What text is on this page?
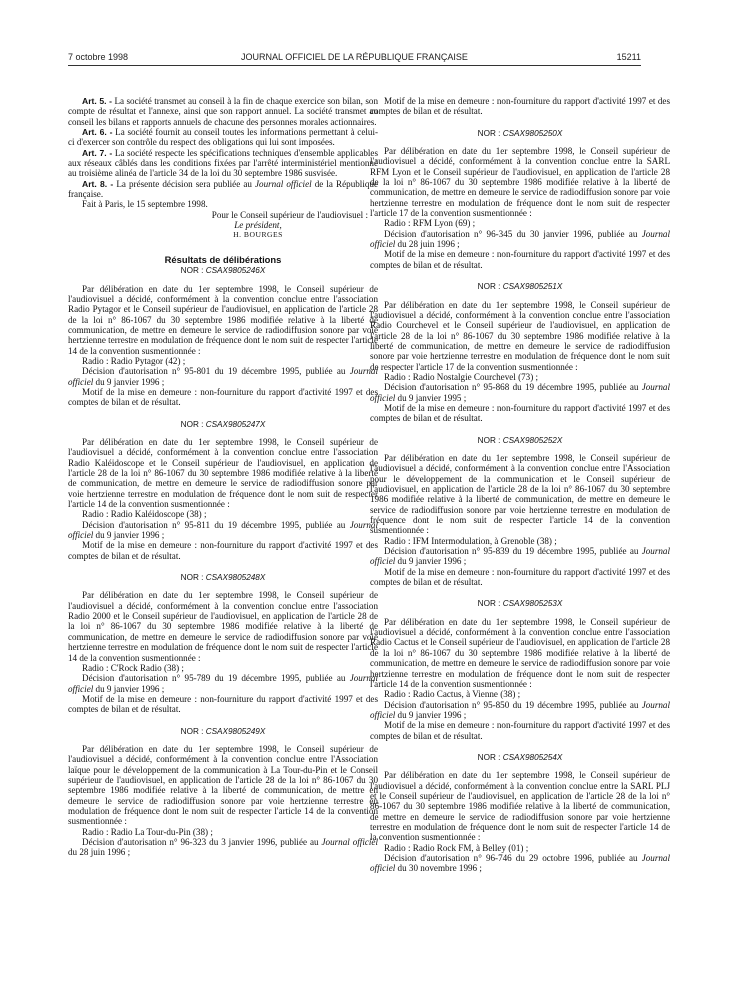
7 octobre 1998	JOURNAL OFFICIEL DE LA RÉPUBLIQUE FRANÇAISE	15211

Art. 5. - La société transmet au conseil à la fin de chaque exercice son bilan, son compte de résultat et l'annexe, ainsi que son rapport annuel. La société transmet au conseil les bilans et rapports annuels de chacune des personnes morales actionnaires.

Art. 6. - La société fournit au conseil toutes les informations permettant à celui-ci d'exercer son contrôle du respect des obligations qui lui sont imposées.

Art. 7. - La société respecte les spécifications techniques d'ensemble applicables aux réseaux câblés dans les conditions fixées par l'arrêté interministériel mentionné au troisième alinéa de l'article 34 de la loi du 30 septembre 1986 susvisée.

Art. 8. - La présente décision sera publiée au Journal officiel de la République française.

Fait à Paris, le 15 septembre 1998.

Pour le Conseil supérieur de l'audiovisuel :

Le président,

H. BOURGES

Résultats de délibérations
NOR : CSAX9805246X

Par délibération en date du 1er septembre 1998, le Conseil supérieur de l'audiovisuel a décidé, conformément à la convention conclue entre l'association Radio Pytagor et le Conseil supérieur de l'audiovisuel, en application de l'article 28 de la loi n° 86-1067 du 30 septembre 1986 modifiée relative à la liberté de communication, de mettre en demeure le service de radiodiffusion sonore par voie hertzienne terrestre en modulation de fréquence dont le nom suit de respecter l'article 14 de la convention susmentionnée :

Radio : Radio Pytagor (42) ;

Décision d'autorisation n° 95-801 du 19 décembre 1995, publiée au Journal officiel du 9 janvier 1996 ;

Motif de la mise en demeure : non-fourniture du rapport d'activité 1997 et des comptes de bilan et de résultat.

NOR : CSAX9805247X

Par délibération en date du 1er septembre 1998, le Conseil supérieur de l'audiovisuel a décidé, conformément à la convention conclue entre l'association Radio Kaléidoscope et le Conseil supérieur de l'audiovisuel, en application de l'article 28 de la loi n° 86-1067 du 30 septembre 1986 modifiée relative à la liberté de communication, de mettre en demeure le service de radiodiffusion sonore par voie hertzienne terrestre en modulation de fréquence dont le nom suit de respecter l'article 14 de la convention susmentionnée :

Radio : Radio Kaléidoscope (38) ;

Décision d'autorisation n° 95-811 du 19 décembre 1995, publiée au Journal officiel du 9 janvier 1996 ;

Motif de la mise en demeure : non-fourniture du rapport d'activité 1997 et des comptes de bilan et de résultat.

NOR : CSAX9805248X

Par délibération en date du 1er septembre 1998, le Conseil supérieur de l'audiovisuel a décidé, conformément à la convention conclue entre l'association Radio 2000 et le Conseil supérieur de l'audiovisuel, en application de l'article 28 de la loi n° 86-1067 du 30 septembre 1986 modifiée relative à la liberté de communication, de mettre en demeure le service de radiodiffusion sonore par voie hertzienne terrestre en modulation de fréquence dont le nom suit de respecter l'article 14 de la convention susmentionnée :

Radio : C'Rock Radio (38) ;

Décision d'autorisation n° 95-789 du 19 décembre 1995, publiée au Journal officiel du 9 janvier 1996 ;

Motif de la mise en demeure : non-fourniture du rapport d'activité 1997 et des comptes de bilan et de résultat.

NOR : CSAX9805249X

Par délibération en date du 1er septembre 1998, le Conseil supérieur de l'audiovisuel a décidé, conformément à la convention conclue entre l'Association laïque pour le développement de la communication à La Tour-du-Pin et le Conseil supérieur de l'audiovisuel, en application de l'article 28 de la loi n° 86-1067 du 30 septembre 1986 modifiée relative à la liberté de communication, de mettre en demeure le service de radiodiffusion sonore par voie hertzienne terrestre en modulation de fréquence dont le nom suit de respecter l'article 14 de la convention susmentionnée :

Radio : Radio La Tour-du-Pin (38) ;

Décision d'autorisation n° 96-323 du 3 janvier 1996, publiée au Journal officiel du 28 juin 1996 ;

Motif de la mise en demeure : non-fourniture du rapport d'activité 1997 et des comptes de bilan et de résultat.

NOR : CSAX9805250X

Par délibération en date du 1er septembre 1998, le Conseil supérieur de l'audiovisuel a décidé, conformément à la convention conclue entre la SARL RFM Lyon et le Conseil supérieur de l'audiovisuel, en application de l'article 28 de la loi n° 86-1067 du 30 septembre 1986 modifiée relative à la liberté de communication, de mettre en demeure le service de radiodiffusion sonore par voie hertzienne terrestre en modulation de fréquence dont le nom suit de respecter l'article 17 de la convention susmentionnée :

Radio : RFM Lyon (69) ;

Décision d'autorisation n° 96-345 du 30 janvier 1996, publiée au Journal officiel du 28 juin 1996 ;

Motif de la mise en demeure : non-fourniture du rapport d'activité 1997 et des comptes de bilan et de résultat.

NOR : CSAX9805251X

Par délibération en date du 1er septembre 1998, le Conseil supérieur de l'audiovisuel a décidé, conformément à la convention conclue entre l'association Radio Courchevel et le Conseil supérieur de l'audiovisuel, en application de l'article 28 de la loi n° 86-1067 du 30 septembre 1986 modifiée relative à la liberté de communication, de mettre en demeure le service de radiodiffusion sonore par voie hertzienne terrestre en modulation de fréquence dont le nom suit de respecter l'article 17 de la convention susmentionnée :

Radio : Radio Nostalgie Courchevel (73) ;

Décision d'autorisation n° 95-868 du 19 décembre 1995, publiée au Journal officiel du 9 janvier 1995 ;

Motif de la mise en demeure : non-fourniture du rapport d'activité 1997 et des comptes de bilan et de résultat.

NOR : CSAX9805252X

Par délibération en date du 1er septembre 1998, le Conseil supérieur de l'audiovisuel a décidé, conformément à la convention conclue entre l'Association pour le développement de la communication et le Conseil supérieur de l'audiovisuel, en application de l'article 28 de la loi n° 86-1067 du 30 septembre 1986 modifiée relative à la liberté de communication, de mettre en demeure le service de radiodiffusion sonore par voie hertzienne terrestre en modulation de fréquence dont le nom suit de respecter l'article 14 de la convention susmentionnée :

Radio : IFM Intermodulation, à Grenoble (38) ;

Décision d'autorisation n° 95-839 du 19 décembre 1995, publiée au Journal officiel du 9 janvier 1996 ;

Motif de la mise en demeure : non-fourniture du rapport d'activité 1997 et des comptes de bilan et de résultat.

NOR : CSAX9805253X

Par délibération en date du 1er septembre 1998, le Conseil supérieur de l'audiovisuel a décidé, conformément à la convention conclue entre l'association Radio Cactus et le Conseil supérieur de l'audiovisuel, en application de l'article 28 de la loi n° 86-1067 du 30 septembre 1986 modifiée relative à la liberté de communication, de mettre en demeure le service de radiodiffusion sonore par voie hertzienne terrestre en modulation de fréquence dont le nom suit de respecter l'article 14 de la convention susmentionnée :

Radio : Radio Cactus, à Vienne (38) ;

Décision d'autorisation n° 95-850 du 19 décembre 1995, publiée au Journal officiel du 9 janvier 1996 ;

Motif de la mise en demeure : non-fourniture du rapport d'activité 1997 et des comptes de bilan et de résultat.

NOR : CSAX9805254X

Par délibération en date du 1er septembre 1998, le Conseil supérieur de l'audiovisuel a décidé, conformément à la convention conclue entre la SARL PLJ et le Conseil supérieur de l'audiovisuel, en application de l'article 28 de la loi n° 86-1067 du 30 septembre 1986 modifiée relative à la liberté de communication, de mettre en demeure le service de radiodiffusion sonore par voie hertzienne terrestre en modulation de fréquence dont le nom suit de respecter l'article 14 de la convention susmentionnée :

Radio : Radio Rock FM, à Belley (01) ;

Décision d'autorisation n° 96-746 du 29 octobre 1996, publiée au Journal officiel du 30 novembre 1996 ;
